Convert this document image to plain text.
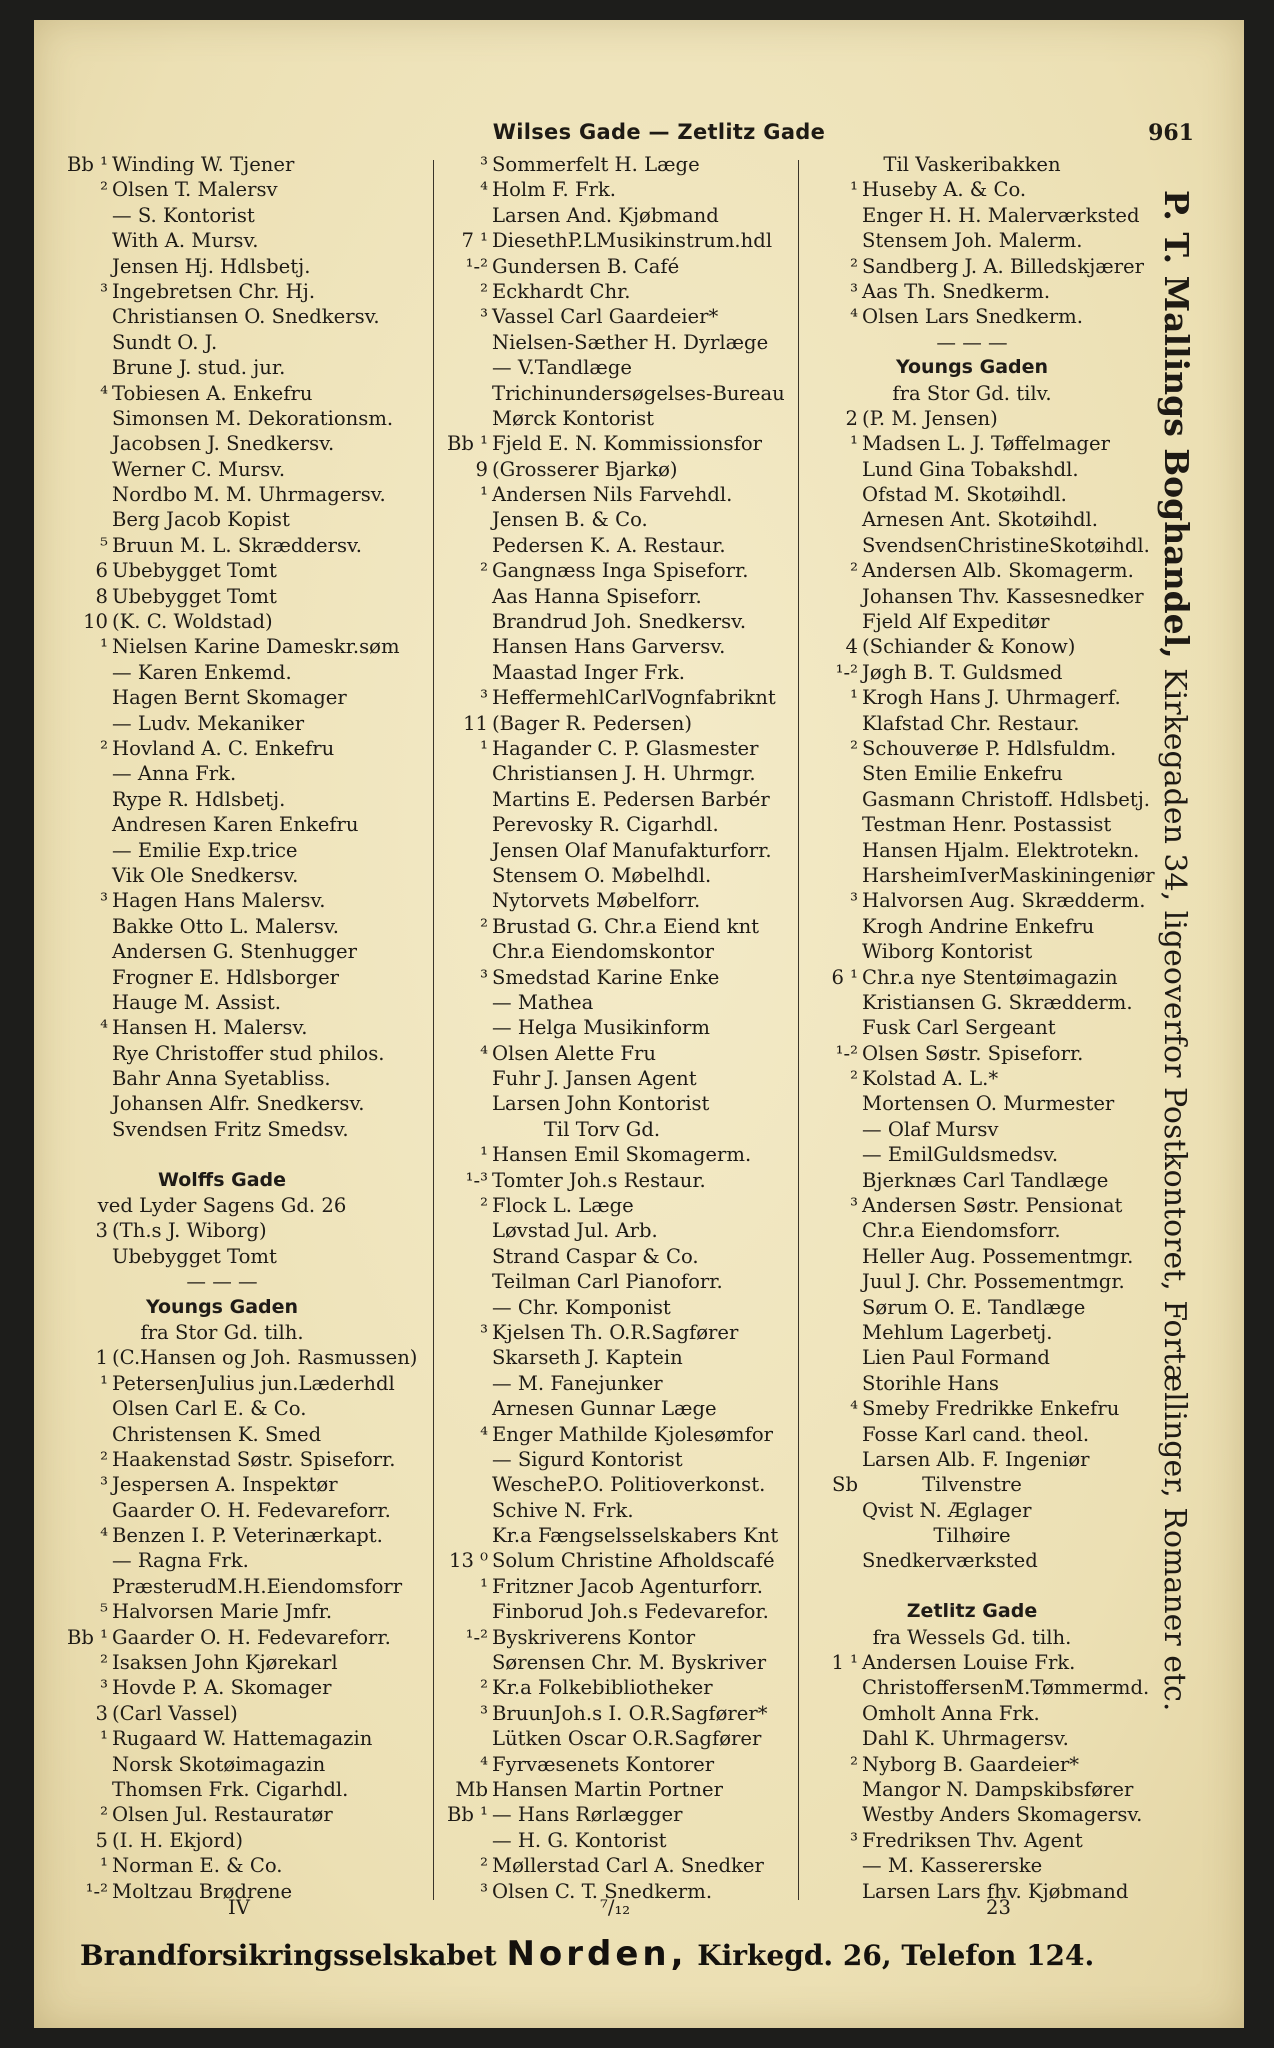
Wilses Gade — Zetlitz Gade	961
Bb ¹ Winding W. Tjener
² Olsen T. Malersv
— S. Kontorist
With A. Mursv.
Jensen Hj. Hdlsbetj.
³ Ingebretsen Chr. Hj.
Christiansen O. Snedkersv.
Sundt O. J.
Brune J. stud. jur.
⁴ Tobiesen A. Enkefru
Simonsen M. Dekorationsm.
Jacobsen J. Snedkersv.
Werner C. Mursv.
Nordbo M. M. Uhrmagersv.
Berg Jacob Kopist
⁵ Bruun M. L. Skræddersv.
6 Ubebygget Tomt
8 Ubebygget Tomt
10 (K. C. Woldstad)
¹ Nielsen Karine Dameskr.søm
— Karen Enkemd.
Hagen Bernt Skomager
— Ludv. Mekaniker
² Hovland A. C. Enkefru
— Anna Frk.
Rype R. Hdlsbetj.
Andresen Karen Enkefru
— Emilie Exp.trice
Vik Ole Snedkersv.
³ Hagen Hans Malersv.
Bakke Otto L. Malersv.
Andersen G. Stenhugger
Frogner E. Hdlsborger
Hauge M. Assist.
⁴ Hansen H. Malersv.
Rye Christoffer stud philos.
Bahr Anna Syetabliss.
Johansen Alfr. Snedkersv.
Svendsen Fritz Smedsv.
Wolffs Gade
ved Lyder Sagens Gd. 26
3 (Th.s J. Wiborg)
Ubebygget Tomt
— — —
Youngs Gaden
fra Stor Gd. tilh.
1 (C.Hansen og Joh. Rasmussen)
¹ PetersenJulius jun.Læderhdl
Olsen Carl E. & Co.
Christensen K. Smed
² Haakenstad Søstr. Spiseforr.
³ Jespersen A. Inspektør
Gaarder O. H. Fedevareforr.
⁴ Benzen I. P. Veterinærkapt.
— Ragna Frk.
PræsterudM.H.Eiendomsforr
⁵ Halvorsen Marie Jmfr.
Bb ¹ Gaarder O. H. Fedevareforr.
² Isaksen John Kjørekarl
³ Hovde P. A. Skomager
3 (Carl Vassel)
¹ Rugaard W. Hattemagazin
Norsk Skotøimagazin
Thomsen Frk. Cigarhdl.
² Olsen Jul. Restauratør
5 (I. H. Ekjord)
¹ Norman E. & Co.
¹-² Moltzau Brødrene
³ Sommerfelt H. Læge
⁴ Holm F. Frk.
Larsen And. Kjøbmand
7 ¹ DiesethP.LMusikinstrum.hdl
¹-² Gundersen B. Café
² Eckhardt Chr.
³ Vassel Carl Gaardeier*
Nielsen-Sæther H. Dyrlæge
— V.Tandlæge
Trichinundersøgelses-Bureau
Mørck Kontorist
Bb ¹ Fjeld E. N. Kommissionsfor
9 (Grosserer Bjarkø)
¹ Andersen Nils Farvehdl.
Jensen B. & Co.
Pedersen K. A. Restaur.
² Gangnæss Inga Spiseforr.
Aas Hanna Spiseforr.
Brandrud Joh. Snedkersv.
Hansen Hans Garversv.
Maastad Inger Frk.
³ HeffermehlCarlVognfabriknt
11 (Bager R. Pedersen)
¹ Hagander C. P. Glasmester
Christiansen J. H. Uhrmgr.
Martins E. Pedersen Barbér
Perevosky R. Cigarhdl.
Jensen Olaf Manufakturforr.
Stensem O. Møbelhdl.
Nytorvets Møbelforr.
² Brustad G. Chr.a Eiend knt
Chr.a Eiendomskontor
³ Smedstad Karine Enke
— Mathea
— Helga Musikinform
⁴ Olsen Alette Fru
Fuhr J. Jansen Agent
Larsen John Kontorist
Til Torv Gd.
¹ Hansen Emil Skomagerm.
¹-³ Tomter Joh.s Restaur.
² Flock L. Læge
Løvstad Jul. Arb.
Strand Caspar & Co.
Teilman Carl Pianoforr.
— Chr. Komponist
³ Kjelsen Th. O.R.Sagfører
Skarseth J. Kaptein
— M. Fanejunker
Arnesen Gunnar Læge
⁴ Enger Mathilde Kjolesømfor
— Sigurd Kontorist
WescheP.O. Politioverkonst.
Schive N. Frk.
Kr.a Fængselsselskabers Knt
13 ⁰ Solum Christine Afholdscafé
¹ Fritzner Jacob Agenturforr.
Finborud Joh.s Fedevarefor.
¹-² Byskriverens Kontor
Sørensen Chr. M. Byskriver
² Kr.a Folkebibliotheker
³ BruunJoh.s I. O.R.Sagfører*
Lütken Oscar O.R.Sagfører
⁴ Fyrvæsenets Kontorer
Mb Hansen Martin Portner
Bb ¹ — Hans Rørlægger
— H. G. Kontorist
² Møllerstad Carl A. Snedker
³ Olsen C. T. Snedkerm.
Til Vaskeribakken
¹ Huseby A. & Co.
Enger H. H. Malerværksted
Stensem Joh. Malerm.
² Sandberg J. A. Billedskjærer
³ Aas Th. Snedkerm.
⁴ Olsen Lars Snedkerm.
— — —
Youngs Gaden
fra Stor Gd. tilv.
2 (P. M. Jensen)
¹ Madsen L. J. Tøffelmager
Lund Gina Tobakshdl.
Ofstad M. Skotøihdl.
Arnesen Ant. Skotøihdl.
SvendsenChristineSkotøihdl.
² Andersen Alb. Skomagerm.
Johansen Thv. Kassesnedker
Fjeld Alf Expeditør
4 (Schiander & Konow)
¹-² Jøgh B. T. Guldsmed
¹ Krogh Hans J. Uhrmagerf.
Klafstad Chr. Restaur.
² Schouverøe P. Hdlsfuldm.
Sten Emilie Enkefru
Gasmann Christoff. Hdlsbetj.
Testman Henr. Postassist
Hansen Hjalm. Elektrotekn.
HarsheimIverMaskiningeniør
³ Halvorsen Aug. Skrædderm.
Krogh Andrine Enkefru
Wiborg Kontorist
6 ¹ Chr.a nye Stentøimagazin
Kristiansen G. Skrædderm.
Fusk Carl Sergeant
¹-² Olsen Søstr. Spiseforr.
² Kolstad A. L.*
Mortensen O. Murmester
— Olaf Mursv
— EmilGuldsmedsv.
Bjerknæs Carl Tandlæge
³ Andersen Søstr. Pensionat
Chr.a Eiendomsforr.
Heller Aug. Possementmgr.
Juul J. Chr. Possementmgr.
Sørum O. E. Tandlæge
Mehlum Lagerbetj.
Lien Paul Formand
Storihle Hans
⁴ Smeby Fredrikke Enkefru
Fosse Karl cand. theol.
Larsen Alb. F. Ingeniør
Sb	Tilvenstre
Qvist N. Æglager
Tilhøire
Snedkerværksted
Zetlitz Gade
fra Wessels Gd. tilh.
1 ¹ Andersen Louise Frk.
ChristoffersenM.Tømmermd.
Omholt Anna Frk.
Dahl K. Uhrmagersv.
² Nyborg B. Gaardeier*
Mangor N. Dampskibsfører
Westby Anders Skomagersv.
³ Fredriksen Thv. Agent
— M. Kassererske
Larsen Lars fhv. Kjøbmand
IV	⁷/₁₂	23
P. T. Mallings Boghandel, Kirkegaden 34, ligeoverfor Postkontoret, Fortællinger, Romaner etc.
Brandforsikringsselskabet Norden, Kirkegd. 26, Telefon 124.
